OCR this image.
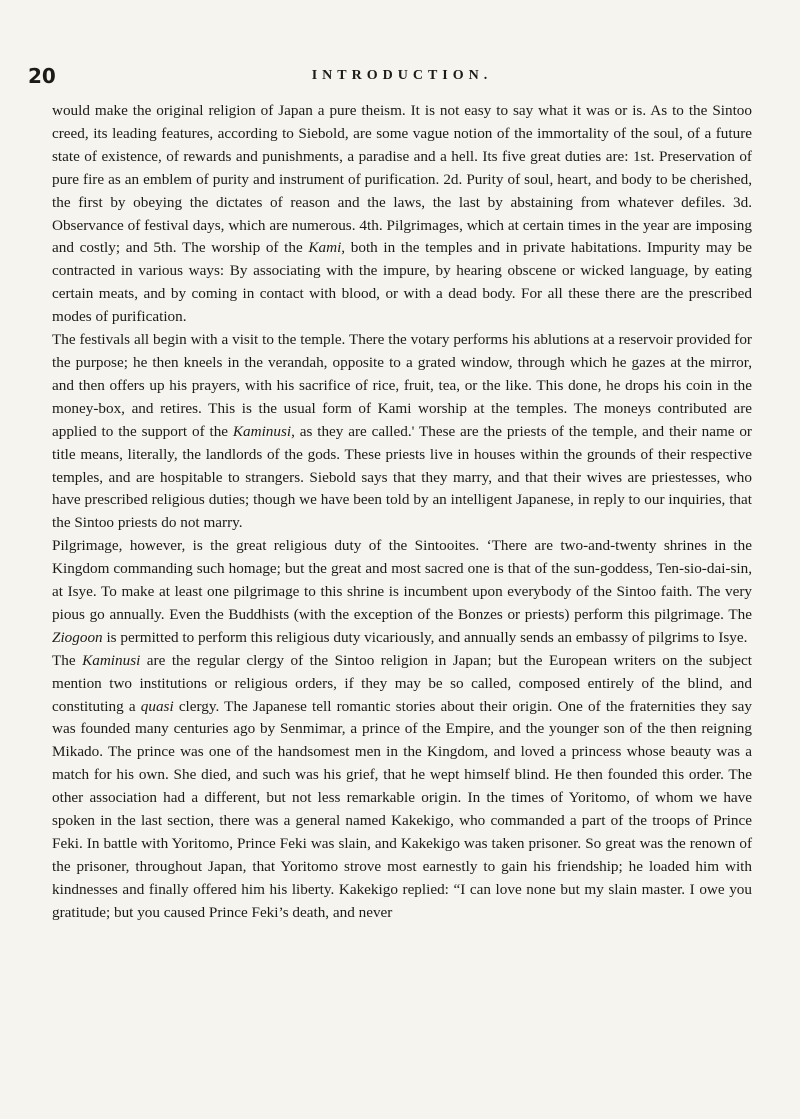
20	INTRODUCTION.

would make the original religion of Japan a pure theism. It is not easy to say what it was or is. As to the Sintoo creed, its leading features, according to Siebold, are some vague notion of the immortality of the soul, of a future state of existence, of rewards and punishments, a paradise and a hell. Its five great duties are: 1st. Preservation of pure fire as an emblem of purity and instrument of purification. 2d. Purity of soul, heart, and body to be cherished, the first by obeying the dictates of reason and the laws, the last by abstaining from whatever defiles. 3d. Observance of festival days, which are numerous. 4th. Pilgrimages, which at certain times in the year are imposing and costly; and 5th. The worship of the Kami, both in the temples and in private habitations. Impurity may be contracted in various ways: By associating with the impure, by hearing obscene or wicked language, by eating certain meats, and by coming in contact with blood, or with a dead body. For all these there are the prescribed modes of purification.

The festivals all begin with a visit to the temple. There the votary performs his ablutions at a reservoir provided for the purpose; he then kneels in the verandah, opposite to a grated window, through which he gazes at the mirror, and then offers up his prayers, with his sacrifice of rice, fruit, tea, or the like. This done, he drops his coin in the money-box, and retires. This is the usual form of Kami worship at the temples. The moneys contributed are applied to the support of the Kaminusi, as they are called.' These are the priests of the temple, and their name or title means, literally, the landlords of the gods. These priests live in houses within the grounds of their respective temples, and are hospitable to strangers. Siebold says that they marry, and that their wives are priestesses, who have prescribed religious duties; though we have been told by an intelligent Japanese, in reply to our inquiries, that the Sintoo priests do not marry.

Pilgrimage, however, is the great religious duty of the Sintooites. ‘There are two-and-twenty shrines in the Kingdom commanding such homage; but the great and most sacred one is that of the sun-goddess, Ten-sio-dai-sin, at Isye. To make at least one pilgrimage to this shrine is incumbent upon everybody of the Sintoo faith. The very pious go annually. Even the Buddhists (with the exception of the Bonzes or priests) perform this pilgrimage. The Ziogoon is permitted to perform this religious duty vicariously, and annually sends an embassy of pilgrims to Isye.

The Kaminusi are the regular clergy of the Sintoo religion in Japan; but the European writers on the subject mention two institutions or religious orders, if they may be so called, composed entirely of the blind, and constituting a quasi clergy. The Japanese tell romantic stories about their origin. One of the fraternities they say was founded many centuries ago by Senmimar, a prince of the Empire, and the younger son of the then reigning Mikado. The prince was one of the handsomest men in the Kingdom, and loved a princess whose beauty was a match for his own. She died, and such was his grief, that he wept himself blind. He then founded this order. The other association had a different, but not less remarkable origin. In the times of Yoritomo, of whom we have spoken in the last section, there was a general named Kakekigo, who commanded a part of the troops of Prince Feki. In battle with Yoritomo, Prince Feki was slain, and Kakekigo was taken prisoner. So great was the renown of the prisoner, throughout Japan, that Yoritomo strove most earnestly to gain his friendship; he loaded him with kindnesses and finally offered him his liberty. Kakekigo replied: “I can love none but my slain master. I owe you gratitude; but you caused Prince Feki’s death, and never
